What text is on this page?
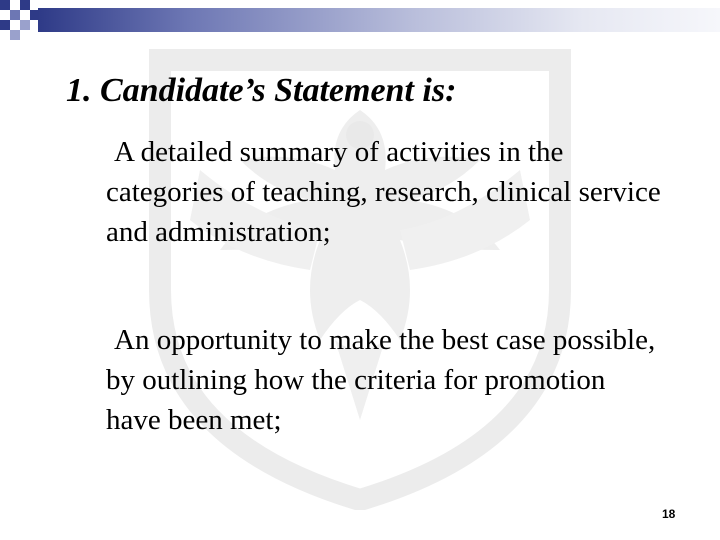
1. Candidate’s Statement is:

A detailed summary of activities in the categories of teaching, research, clinical service and administration;

An opportunity to make the best case possible, by outlining how the criteria for promotion have been met;

18
